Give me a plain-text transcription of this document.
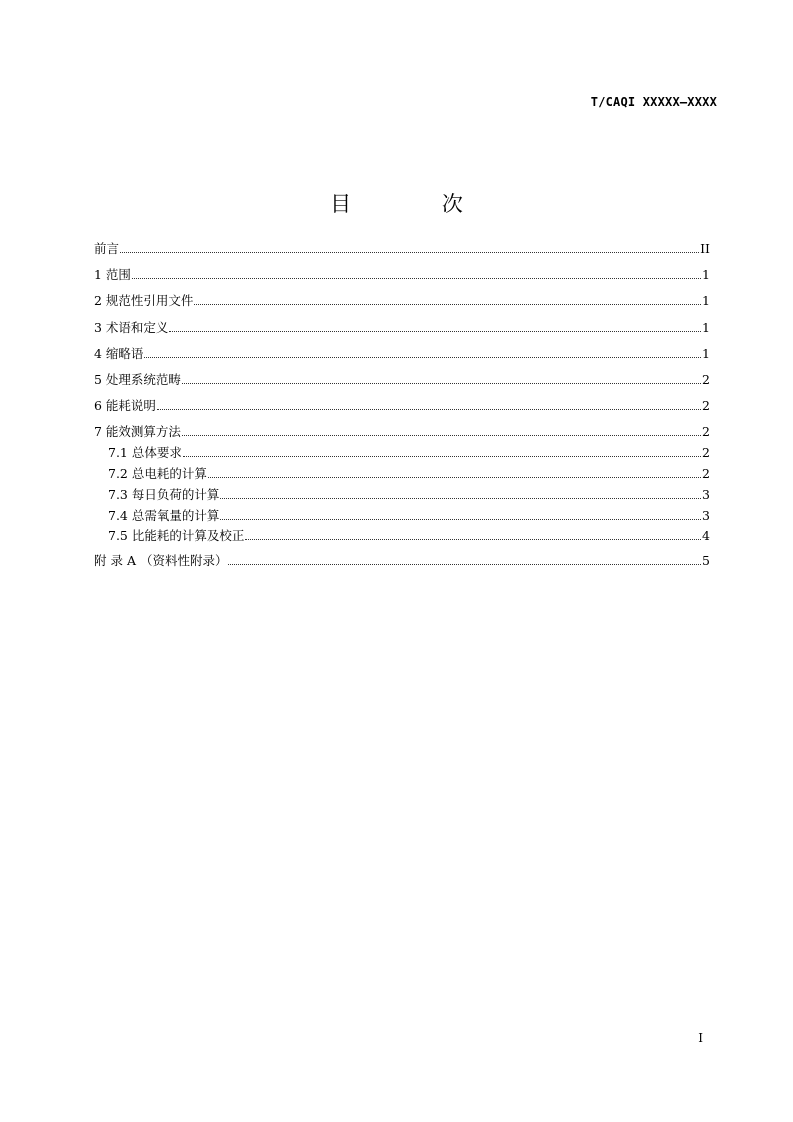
T/CAQI XXXXX—XXXX
目 次
前言	II
1 范围	1
2 规范性引用文件	1
3 术语和定义	1
4 缩略语	1
5 处理系统范畴	2
6 能耗说明	2
7 能效测算方法	2
7.1 总体要求	2
7.2 总电耗的计算	2
7.3 每日负荷的计算	3
7.4 总需氧量的计算	3
7.5 比能耗的计算及校正	4
附 录 A （资料性附录）	5
I
